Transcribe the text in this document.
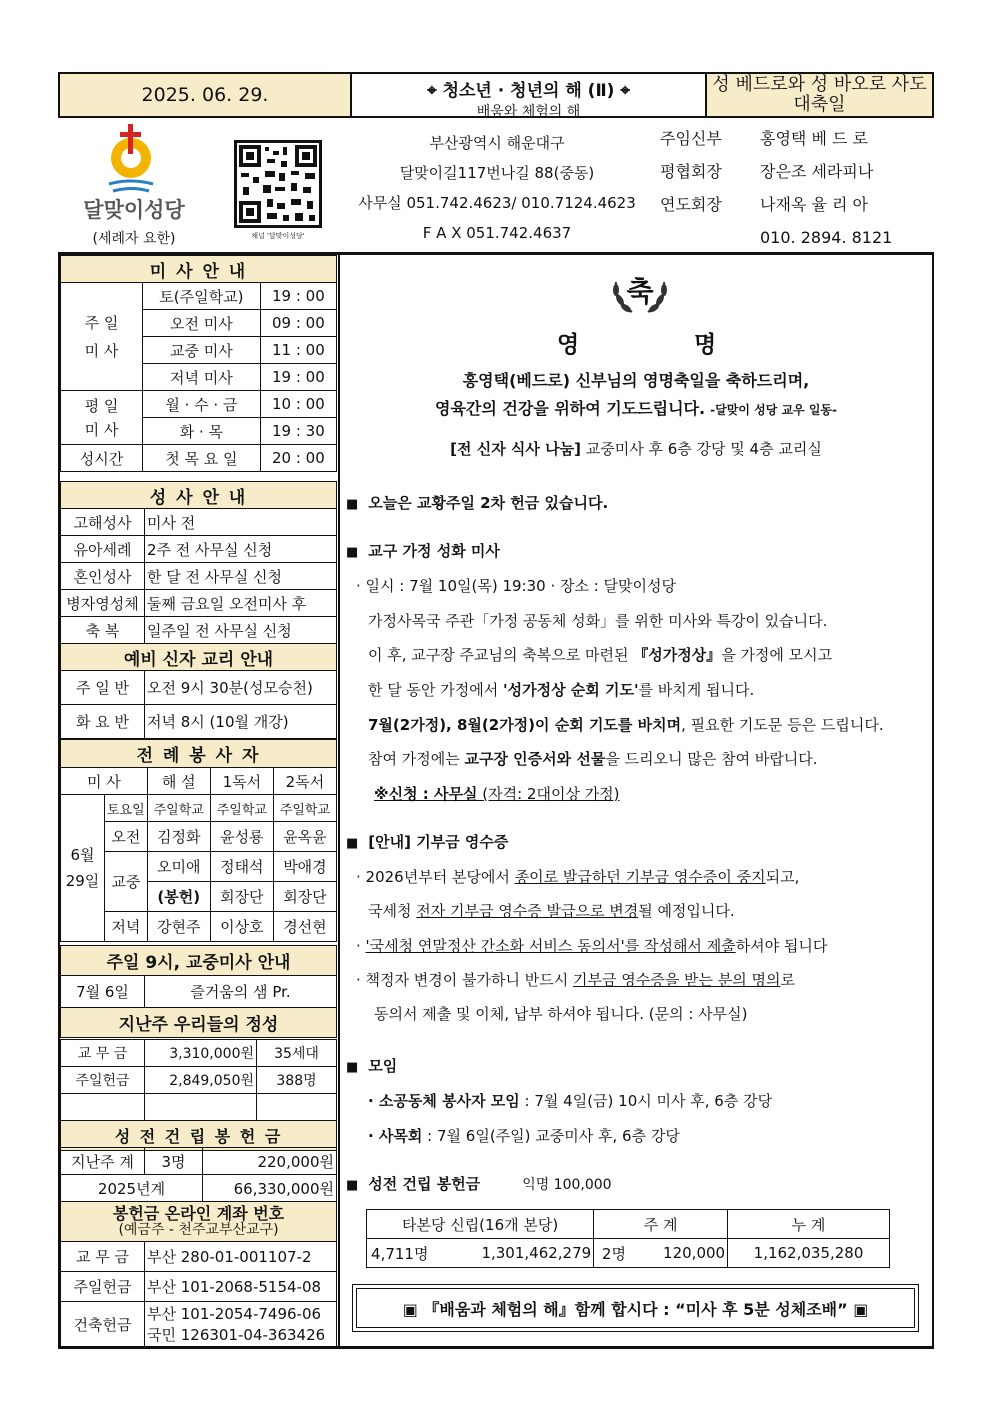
2025. 06. 29.	⌖ 청소년 · 청년의 해 (Ⅱ) ⌖
배움와 체험의 해
성 베드로와 성 바오로 사도 대축일
달맞이성당
(세례자 요한)	채널 '달맞이성당'
부산광역시 해운대구
달맞이길117번나길 88(중동)
사무실 051.742.4623/ 010.7124.4623
F A X 051.742.4637
주임신부 홍영택 베 드 로
평협회장 장은조 세라피나
연도회장 나재옥 율 리 아
010. 2894. 8121
미 사 안 내		
주 일
미 사	토(주일학교)	19 : 00
	오전 미사	09 : 00
	교중 미사	11 : 00
	저녁 미사	19 : 00
평 일
미 사	월 · 수 · 금	10 : 00
	화 · 목	19 : 30
성시간	첫 목 요 일	20 : 00
성 사 안 내	
고해성사	미사 전
유아세례	2주 전 사무실 신청
혼인성사	한 달 전 사무실 신청
병자영성체	둘째 금요일 오전미사 후
축 복	일주일 전 사무실 신청
예비 신자 교리 안내	
주 일 반	오전 9시 30분(성모승천)
화 요 반	저녁 8시 (10월 개강)
전 례 봉 사 자				
미 사		해 설	1독서	2독서
6월
29일	토요일	주일학교	주일학교	주일학교
	오전	김정화	윤성룡	윤옥윤
	교중	오미애	정태석	박애경
		(봉헌)	회장단	회장단
	저녁	강현주	이상호	경선현
주일 9시, 교중미사 안내
7월 6일	즐거움의 샘 Pr.
지난주 우리들의 정성
교 무 금	3,310,000원	35세대
주일헌금	2,849,050원	388명

성 전 건 립 봉 헌 금		
지난주 계	3명	220,000원
2025년계		66,330,000원
봉헌금 온라인 계좌 번호
(예금주 - 천주교부산교구)	

교 무 금	부산 280-01-001107-2
주일헌금	부산 101-2068-5154-08
건축헌금	부산 101-2054-7496-06
국민 126301-04-363426
축
영	명
홍영택(베드로) 신부님의 영명축일을 축하드리며,
영육간의 건강을 위하여 기도드립니다. -달맞이 성당 교우 일동-
[전 신자 식사 나눔] 교중미사 후 6층 강당 및 4층 교리실
■ 오늘은 교황주일 2차 헌금 있습니다.
■ 교구 가정 성화 미사
· 일시 : 7월 10일(목) 19:30 · 장소 : 달맞이성당
가정사목국 주관「가정 공동체 성화」를 위한 미사와 특강이 있습니다.
이 후, 교구장 주교님의 축복으로 마련된 『성가정상』을 가정에 모시고
한 달 동안 가정에서 '성가정상 순회 기도'를 바치게 됩니다.
7월(2가정), 8월(2가정)이 순회 기도를 바치며, 필요한 기도문 등은 드립니다.
참여 가정에는 교구장 인증서와 선물을 드리오니 많은 참여 바랍니다.
※신청 : 사무실 (자격: 2대이상 가정)
■ [안내] 기부금 영수증
· 2026년부터 본당에서 종이로 발급하던 기부금 영수증이 중지되고,
국세청 전자 기부금 영수증 발급으로 변경될 예정입니다.
· '국세청 연말정산 간소화 서비스 동의서'를 작성해서 제출하셔야 됩니다
· 책정자 변경이 불가하니 반드시 기부금 영수증을 받는 분의 명의로
동의서 제출 및 이체, 납부 하셔야 됩니다. (문의 : 사무실)
■ 모임
· 소공동체 봉사자 모임 : 7월 4일(금) 10시 미사 후, 6층 강당
· 사목회 : 7월 6일(주일) 교중미사 후, 6층 강당
■ 성전 건립 봉헌금	익명 100,000
타본당 신립(16개 본당)		주 계		누 계
4,711명	1,301,462,279	2명	120,000	1,162,035,280
▣ 『배움과 체험의 해』함께 합시다 : “미사 후 5분 성체조배” ▣
